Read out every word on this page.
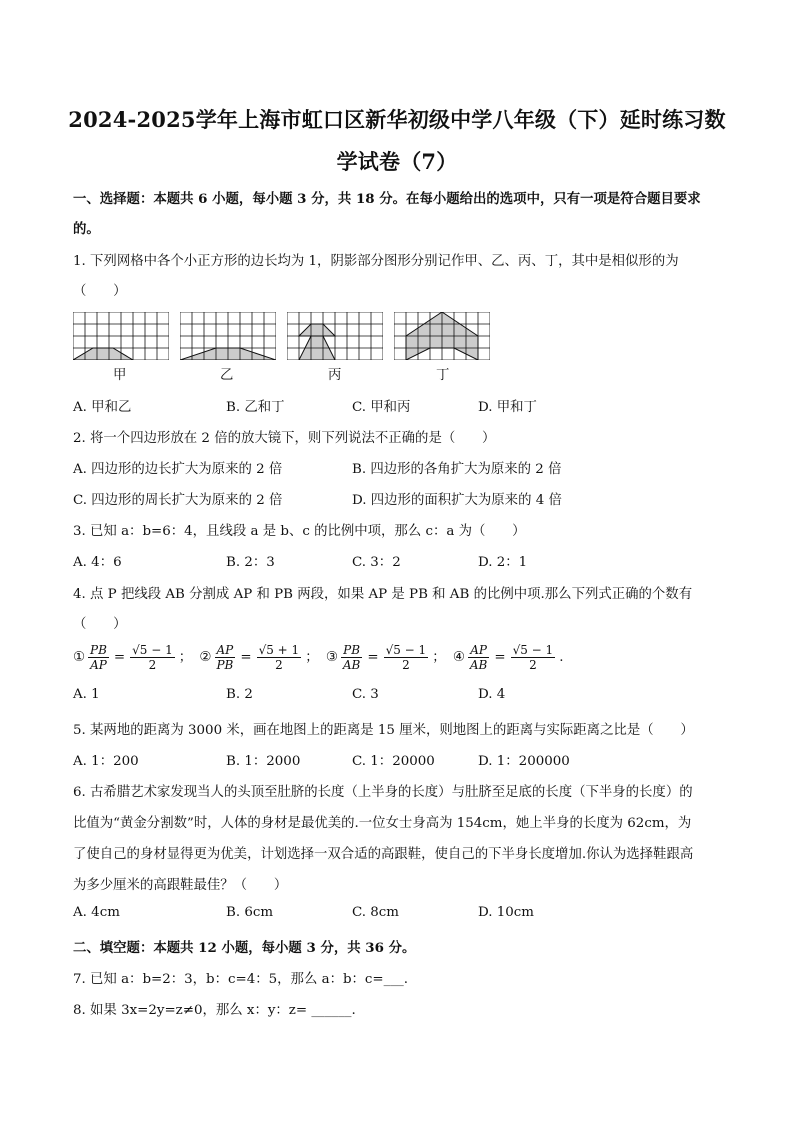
2024-2025学年上海市虹口区新华初级中学八年级（下）延时练习数
学试卷（7）
一、选择题：本题共 6 小题，每小题 3 分，共 18 分。在每小题给出的选项中，只有一项是符合题目要求
的。
1. 下列网格中各个小正方形的边长均为 1，阴影部分图形分别记作甲、乙、丙、丁，其中是相似形的为
（　　）
甲	乙	丙	丁
A. 甲和乙	B. 乙和丁	C. 甲和丙	D. 甲和丁
2. 将一个四边形放在 2 倍的放大镜下，则下列说法不正确的是（　　）
A. 四边形的边长扩大为原来的 2 倍	B. 四边形的各角扩大为原来的 2 倍
C. 四边形的周长扩大为原来的 2 倍	D. 四边形的面积扩大为原来的 4 倍
3. 已知 a：b=6：4，且线段 a 是 b、c 的比例中项，那么 c：a 为（　　）
A. 4：6	B. 2：3	C. 3：2	D. 2：1
4. 点 P 把线段 AB 分割成 AP 和 PB 两段，如果 AP 是 PB 和 AB 的比例中项.那么下列式正确的个数有
（　　）
① $\frac{PB}{AP} = \frac{√5 - 1}{2}$ ； ② $\frac{AP}{PB} = \frac{√5 + 1}{2}$ ； ③ $\frac{PB}{AB} = \frac{√5 - 1}{2}$ ； ④ $\frac{AP}{AB} = \frac{√5 - 1}{2}$ .
A. 1	B. 2	C. 3	D. 4
5. 某两地的距离为 3000 米，画在地图上的距离是 15 厘米，则地图上的距离与实际距离之比是（　　）
A. 1：200	B. 1：2000	C. 1：20000	D. 1：200000
6. 古希腊艺术家发现当人的头顶至肚脐的长度（上半身的长度）与肚脐至足底的长度（下半身的长度）的
比值为“黄金分割数”时，人体的身材是最优美的.一位女士身高为 154cm，她上半身的长度为 62cm，为
了使自己的身材显得更为优美，计划选择一双合适的高跟鞋，使自己的下半身长度增加.你认为选择鞋跟高
为多少厘米的高跟鞋最佳？（　　）
A. 4cm	B. 6cm	C. 8cm	D. 10cm
二、填空题：本题共 12 小题，每小题 3 分，共 36 分。
7. 已知 a：b=2：3，b：c=4：5，那么 a：b：c=___.
8. 如果 3x=2y=z≠0，那么 x：y：z= ______.
